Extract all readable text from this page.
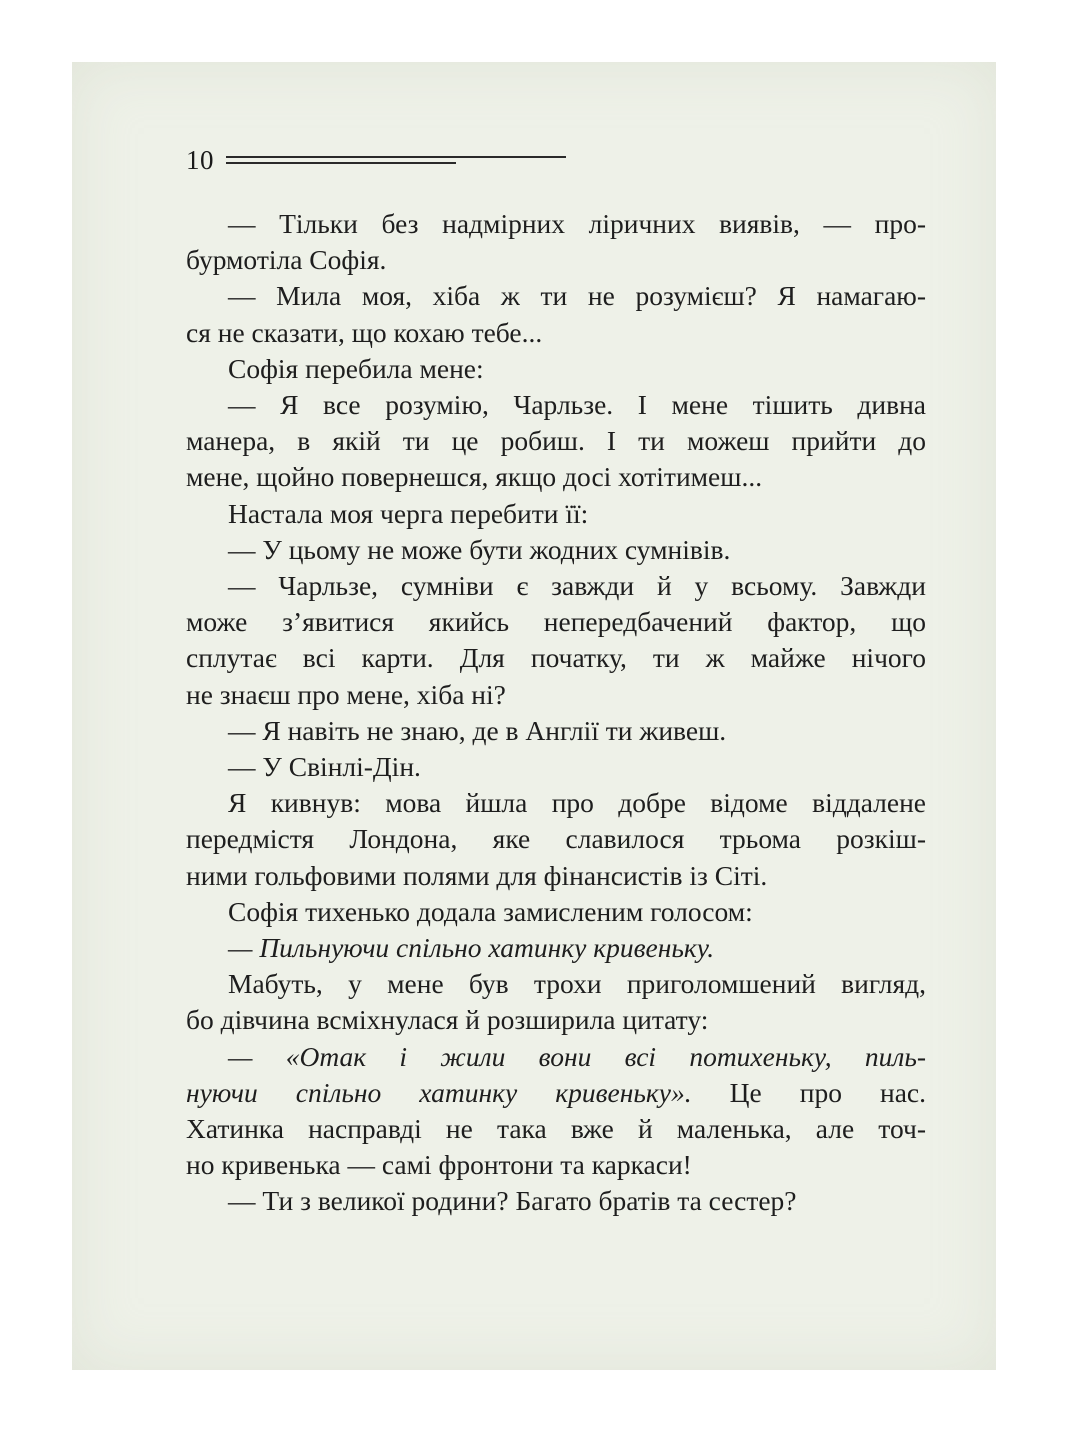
10
— Тільки без надмірних ліричних виявів, — про-
бурмотіла Софія.
— Мила моя, хіба ж ти не розумієш? Я намагаю-
ся не сказати, що кохаю тебе...
Софія перебила мене:
— Я все розумію, Чарльзе. І мене тішить дивна
манера, в якій ти це робиш. І ти можеш прийти до
мене, щойно повернешся, якщо досі хотітимеш...
Настала моя черга перебити її:
— У цьому не може бути жодних сумнівів.
— Чарльзе, сумніви є завжди й у всьому. Завжди
може з’явитися якийсь непередбачений фактор, що
сплутає всі карти. Для початку, ти ж майже нічого
не знаєш про мене, хіба ні?
— Я навіть не знаю, де в Англії ти живеш.
— У Свінлі-Дін.
Я кивнув: мова йшла про добре відоме віддалене
передмістя Лондона, яке славилося трьома розкіш-
ними гольфовими полями для фінансистів із Сіті.
Софія тихенько додала замисленим голосом:
— Пильнуючи спільно хатинку кривеньку.
Мабуть, у мене був трохи приголомшений вигляд,
бо дівчина всміхнулася й розширила цитату:
— «Отак і жили вони всі потихеньку, пиль-
нуючи спільно хатинку кривеньку». Це про нас.
Хатинка насправді не така вже й маленька, але точ-
но кривенька — самі фронтони та каркаси!
— Ти з великої родини? Багато братів та сестер?
